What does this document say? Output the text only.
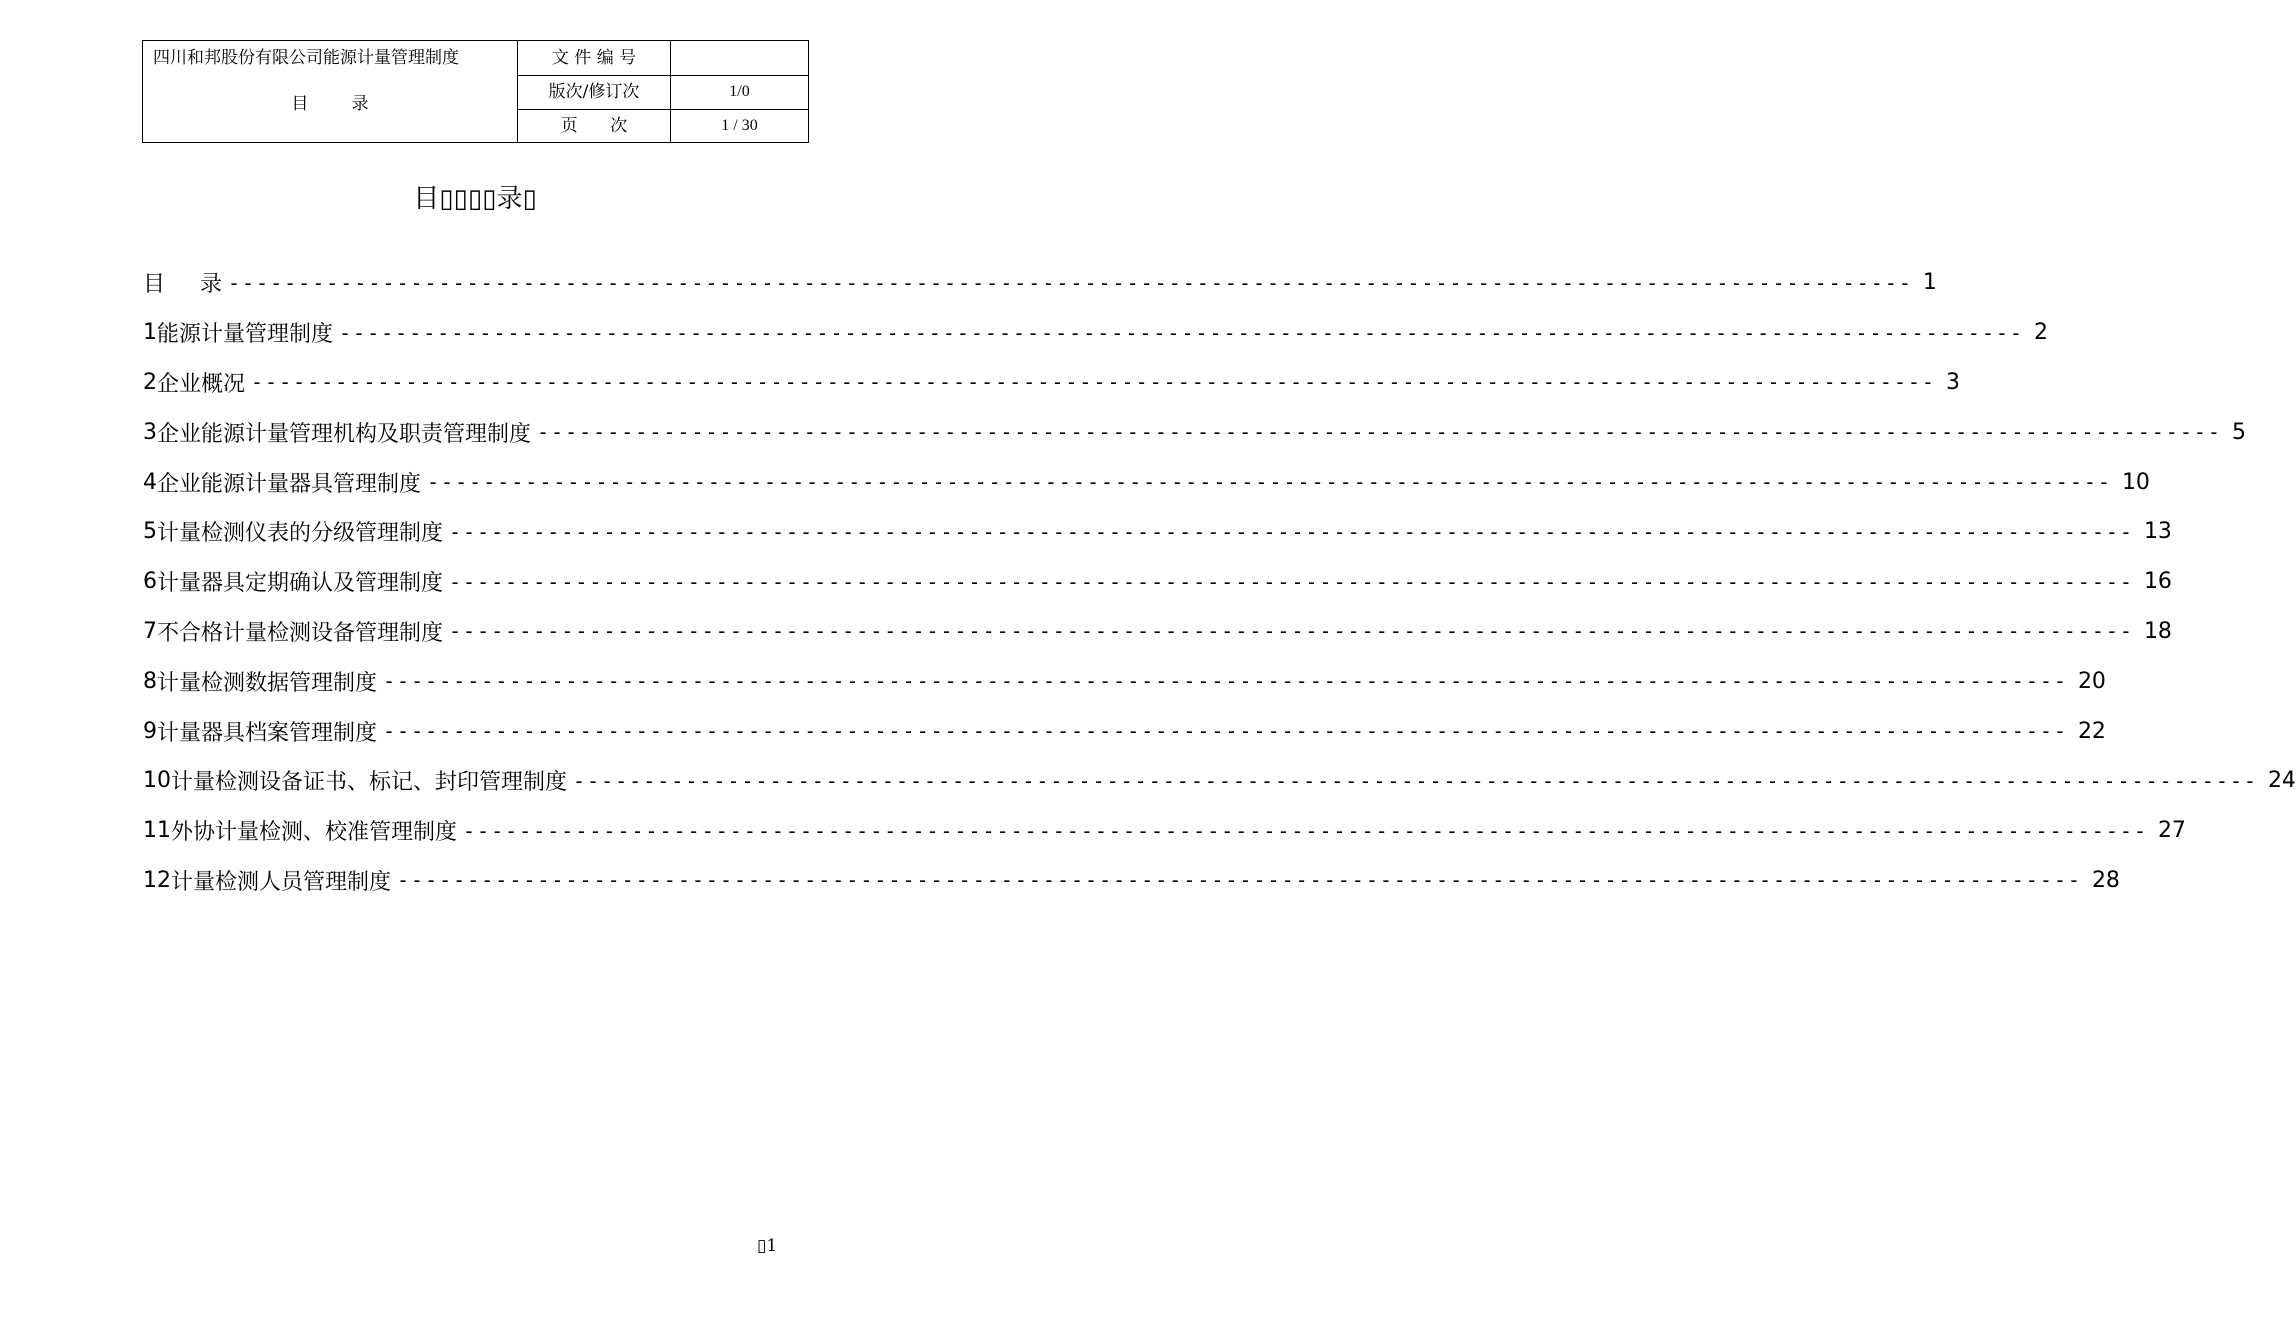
四川和邦股份有限公司能源计量管理制度
目        录
文 件 编 号
版次/修订次	1/0
页      次	1 / 30
目▯▯▯▯录▯
目     录 ------------------------------------------------------------------------------------------------------------------------ 1
1 能源计量管理制度 ------------------------------------------------------------------------------------------------------------------------ 2
2 企业概况 ------------------------------------------------------------------------------------------------------------------------ 3
3 企业能源计量管理机构及职责管理制度 ------------------------------------------------------------------------------------------------------------------------ 5
4 企业能源计量器具管理制度 ------------------------------------------------------------------------------------------------------------------------ 10
5 计量检测仪表的分级管理制度 ------------------------------------------------------------------------------------------------------------------------ 13
6 计量器具定期确认及管理制度 ------------------------------------------------------------------------------------------------------------------------ 16
7 不合格计量检测设备管理制度 ------------------------------------------------------------------------------------------------------------------------ 18
8 计量检测数据管理制度 ------------------------------------------------------------------------------------------------------------------------ 20
9 计量器具档案管理制度 ------------------------------------------------------------------------------------------------------------------------ 22
10 计量检测设备证书、标记、封印管理制度 ------------------------------------------------------------------------------------------------------------------------ 24
11 外协计量检测、校准管理制度 ------------------------------------------------------------------------------------------------------------------------ 27
12 计量检测人员管理制度 ------------------------------------------------------------------------------------------------------------------------ 28
▯1
